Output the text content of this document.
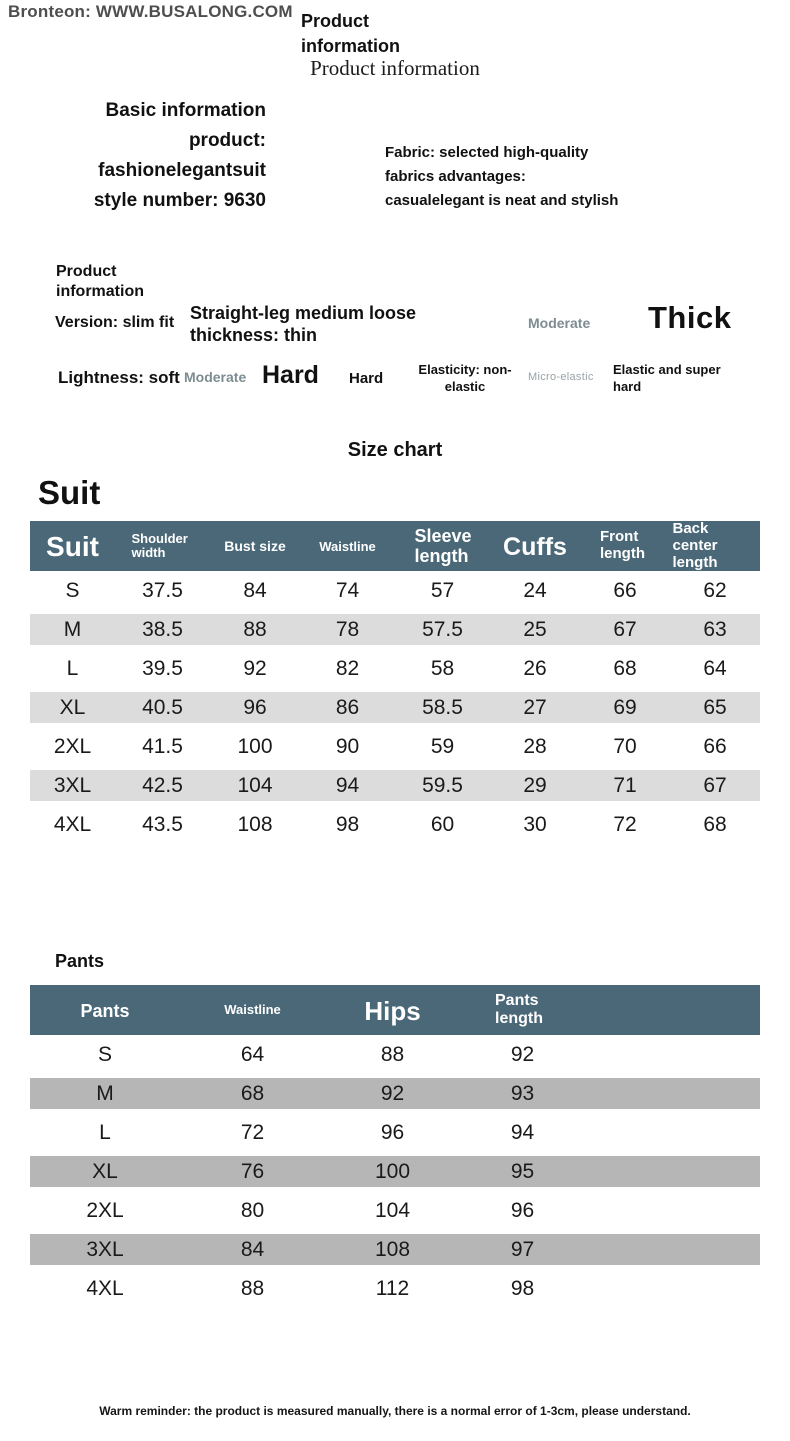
Bronteon: WWW.BUSALONG.COM Product information
Product information
Basic information
product:
fashionelegantsuit
style number: 9630
Fabric: selected high-quality
fabrics advantages:
casualelegant is neat and stylish
Product information
Version: slim fit Straight-leg medium loose thickness: thin
Moderate Thick
Lightness: soft Moderate Hard Hard
Elasticity: non-elastic
Micro-elastic Elastic and super hard
Size chart
Suit
Suit	Shoulder width	Bust size	Waistline	Sleeve length	Cuffs	Front length	Back center length
S	37.5	84	74	57	24	66	62
M	38.5	88	78	57.5	25	67	63
L	39.5	92	82	58	26	68	64
XL	40.5	96	86	58.5	27	69	65
2XL	41.5	100	90	59	28	70	66
3XL	42.5	104	94	59.5	29	71	67
4XL	43.5	108	98	60	30	72	68
Pants
Pants	Waistline	Hips	Pants length	
S	64	88	92	
M	68	92	93	
L	72	96	94	
XL	76	100	95	
2XL	80	104	96	
3XL	84	108	97	
4XL	88	112	98	
Warm reminder: the product is measured manually, there is a normal error of 1-3cm, please understand.
